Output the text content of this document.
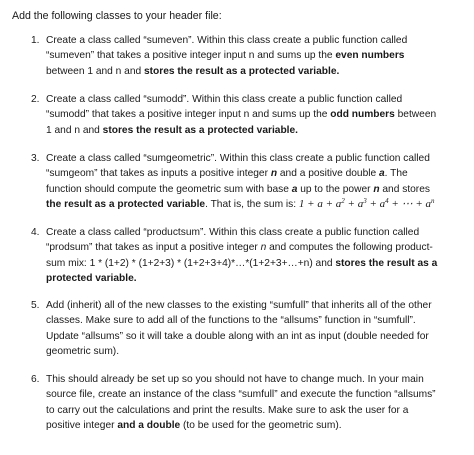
Add the following classes to your header file:
1. Create a class called “sumeven”. Within this class create a public function called
“sumeven” that takes a positive integer input n and sums up the even numbers
between 1 and n and stores the result as a protected variable.
2. Create a class called “sumodd”. Within this class create a public function called
“sumodd” that takes a positive integer input n and sums up the odd numbers between
1 and n and stores the result as a protected variable.
3. Create a class called “sumgeometric”. Within this class create a public function called
“sumgeom” that takes as inputs a positive integer n and a positive double a. The
function should compute the geometric sum with base a up to the power n and stores
the result as a protected variable. That is, the sum is: $1 + a + a^2 + a^3 + a^4$ + ⋯ + $a^n$
4. Create a class called “productsum”. Within this class create a public function called
“prodsum” that takes as input a positive integer n and computes the following product-
sum mix: 1 * (1+2) * (1+2+3) * (1+2+3+4)*…*(1+2+3+…+n) and stores the result as a
protected variable.
5. Add (inherit) all of the new classes to the existing “sumfull” that inherits all of the other
classes. Make sure to add all of the functions to the “allsums” function in “sumfull”.
Update “allsums” so it will take a double along with an int as input (double needed for
geometric sum).
6. This should already be set up so you should not have to change much. In your main
source file, create an instance of the class “sumfull” and execute the function “allsums”
to carry out the calculations and print the results. Make sure to ask the user for a
positive integer and a double (to be used for the geometric sum).
